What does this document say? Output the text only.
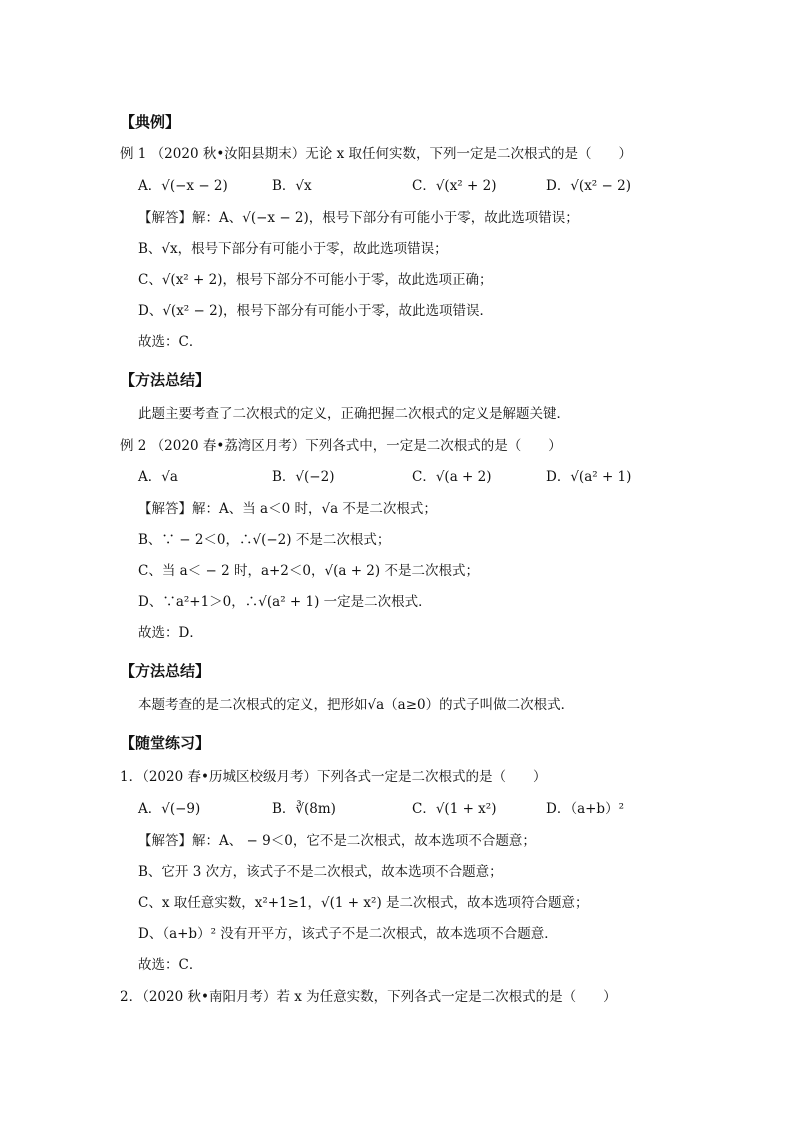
【典例】
例 1 （2020 秋•汝阳县期末）无论 x 取任何实数，下列一定是二次根式的是（　　）
A．√(−x − 2)	B．√x	C．√(x² + 2)	D．√(x² − 2)
【解答】解：A、√(−x − 2)，根号下部分有可能小于零，故此选项错误；
B、√x，根号下部分有可能小于零，故此选项错误；
C、√(x² + 2)，根号下部分不可能小于零，故此选项正确；
D、√(x² − 2)，根号下部分有可能小于零，故此选项错误．
故选：C．
【方法总结】
此题主要考查了二次根式的定义，正确把握二次根式的定义是解题关键．
例 2 （2020 春•荔湾区月考）下列各式中，一定是二次根式的是（　　）
A．√a	B．√(−2)	C．√(a + 2)	D．√(a² + 1)
【解答】解：A、当 a＜0 时，√a 不是二次根式；
B、∵ − 2＜0，∴√(−2) 不是二次根式；
C、当 a＜ − 2 时，a+2＜0，√(a + 2) 不是二次根式；
D、∵a²+1＞0，∴√(a² + 1) 一定是二次根式．
故选：D．
【方法总结】
本题考查的是二次根式的定义，把形如√a（a≥0）的式子叫做二次根式．
【随堂练习】
1．（2020 春•历城区校级月考）下列各式一定是二次根式的是（　　）
A．√(−9)	B．∛(8m)	C．√(1 + x²)	D．（a+b）²
【解答】解：A、 − 9＜0，它不是二次根式，故本选项不合题意；
B、它开 3 次方，该式子不是二次根式，故本选项不合题意；
C、x 取任意实数，x²+1≥1，√(1 + x²) 是二次根式，故本选项符合题意；
D、（a+b）² 没有开平方，该式子不是二次根式，故本选项不合题意．
故选：C．
2．（2020 秋•南阳月考）若 x 为任意实数，下列各式一定是二次根式的是（　　）
